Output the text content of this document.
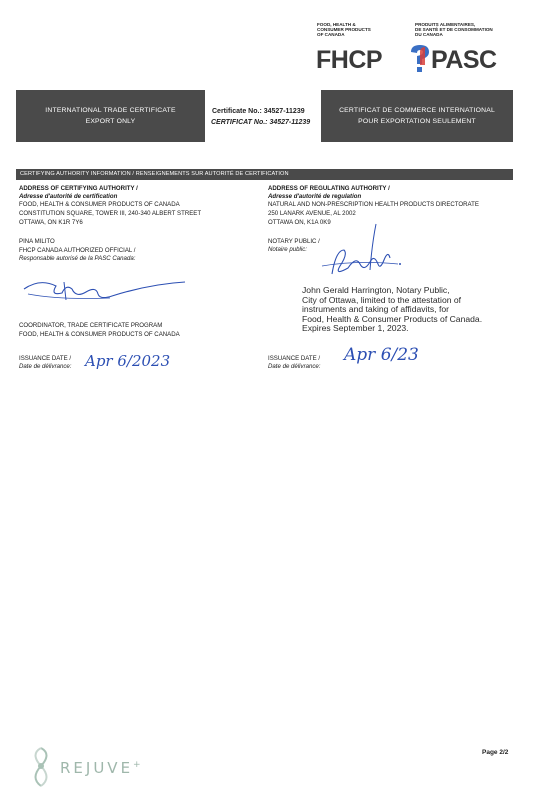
FOOD, HEALTH &
CONSUMER PRODUCTS
OF CANADA
PRODUITS ALIMENTAIRES,
DE SANTÉ ET DE CONSOMMATION
DU CANADA
FHCP PASC
INTERNATIONAL TRADE CERTIFICATE
EXPORT ONLY
Certificate No.: 34527-11239
CERTIFICAT No.: 34527-11239
CERTIFICAT DE COMMERCE INTERNATIONAL
POUR EXPORTATION SEULEMENT
CERTIFYING AUTHORITY INFORMATION / RENSEIGNEMENTS SUR AUTORITÉ DE CERTIFICATION
ADDRESS OF CERTIFYING AUTHORITY /
Adresse d'autorité de certification
FOOD, HEALTH & CONSUMER PRODUCTS OF CANADA
CONSTITUTION SQUARE, TOWER III, 240-340 ALBERT STREET
OTTAWA, ON K1R 7Y6
PINA MILITO
FHCP CANADA AUTHORIZED OFFICIAL /
Responsable autorisé de la PASC Canada:
COORDINATOR, TRADE CERTIFICATE PROGRAM
FOOD, HEALTH & CONSUMER PRODUCTS OF CANADA
ISSUANCE DATE /
Date de délivrance: Apr 6/2023
ADDRESS OF REGULATING AUTHORITY /
Adresse d'autorité de regulation
NATURAL AND NON-PRESCRIPTION HEALTH PRODUCTS DIRECTORATE
250 LANARK AVENUE, AL 2002
OTTAWA ON, K1A 0K9
NOTARY PUBLIC /
Notaire public:
John Gerald Harrington, Notary Public,
City of Ottawa, limited to the attestation of
instruments and taking of affidavits, for
Food, Health & Consumer Products of Canada.
Expires September 1, 2023.
ISSUANCE DATE /
Date de délivrance:
Apr 6/23
REJUVE+
Page 2/2
